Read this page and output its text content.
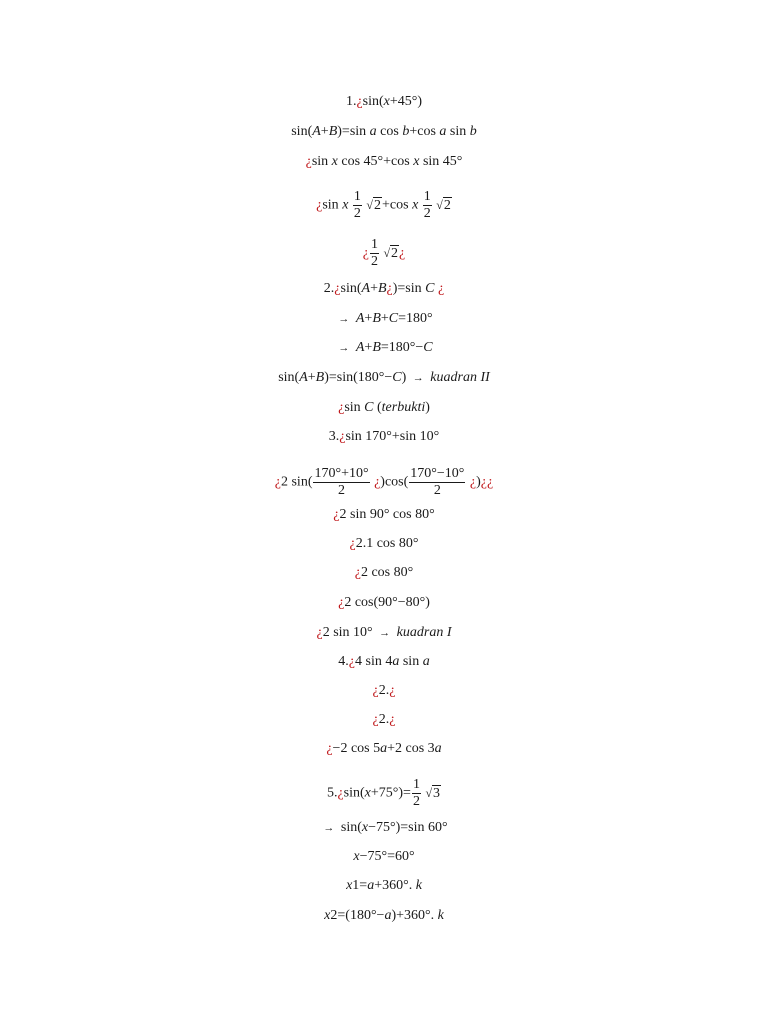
1.¿sin(x+45°)
sin(A+B)=sin a cos b+cos a sin b
¿sin x cos 45°+cos x sin 45°
¿sin x $\frac{1}{2} √2+\cos$ x $\frac{1}{2} √2$
¿ $\frac{1}{2}$ √2¿
2.¿sin(A+B¿)=sin C ¿
→ A+B+C=180°
→ A+B=180°−C
sin(A+B)=sin(180°−C) → kuadran II
¿sin C (terbukti)
3.¿sin 170°+sin 10°
¿2 $\sin( \frac{170^\circ+10^\circ}{2}$ ¿)$\cos( \frac{170^\circ-10^\circ}{2}$ ¿)¿¿
¿2 sin 90° cos 80°
¿2.1 cos 80°
¿2 cos 80°
¿2 cos(90°−80°)
¿2 sin 10° → kuadran I
4.¿4 sin 4a sin a
¿2.¿
¿2.¿
¿−2 cos 5a+2 cos 3a
5.¿sin(x+75°)= $\frac{1}{2} √3$
→ sin(x−75°)=sin 60°
x−75°=60°
x1=a+360°. k
x2=(180°−a)+360°. k
